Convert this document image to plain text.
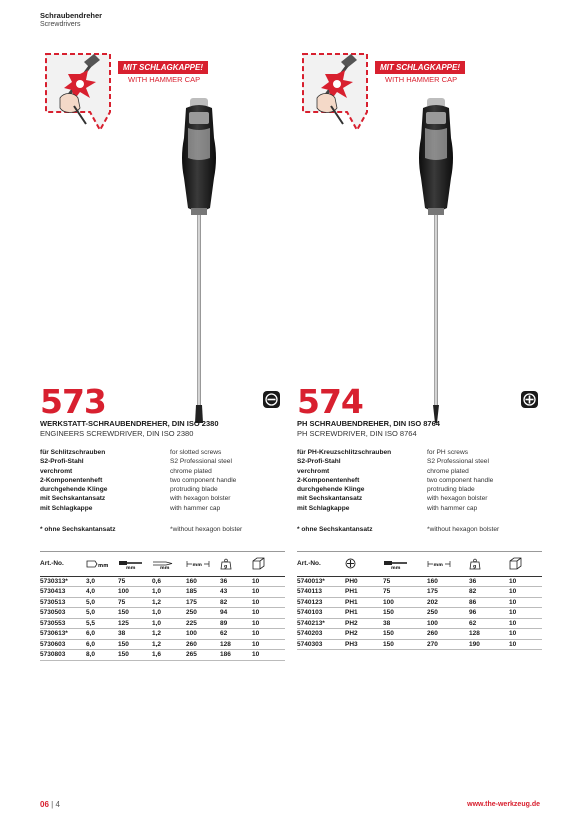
Schraubendreher
Screwdrivers
MIT SCHLAGKAPPE!
WITH HAMMER CAP
573
WERKSTATT-SCHRAUBENDREHER, DIN ISO 2380
ENGINEERS SCREWDRIVER, DIN ISO 2380
für Schlitzschrauben	for slotted screws
S2-Profi-Stahl	S2 Professional steel
verchromt	chrome plated
2-Komponentenheft	two component handle
durchgehende Klinge	protruding blade
mit Sechskantansatz	with hexagon bolster
mit Schlagkappe	with hammer cap
* ohne Sechskantansatz	*without hexagon bolster
Art.-No.	mm	mm	mm	mm	g

5730313*	3,0	75	0,6	160	36	10
5730413	4,0	100	1,0	185	43	10
5730513	5,0	75	1,2	175	82	10
5730503	5,0	150	1,0	250	94	10
5730553	5,5	125	1,0	225	89	10
5730613*	6,0	38	1,2	100	62	10
5730603	6,0	150	1,2	260	128	10
5730803	8,0	150	1,6	265	186	10
MIT SCHLAGKAPPE!
WITH HAMMER CAP
574
PH SCHRAUBENDREHER, DIN ISO 8764
PH SCREWDRIVER, DIN ISO 8764
für PH-Kreuzschlitzschrauben	for PH screws
S2-Profi-Stahl	S2 Professional steel
verchromt	chrome plated
2-Komponentenheft	two component handle
durchgehende Klinge	protruding blade
mit Sechskantansatz	with hexagon bolster
mit Schlagkappe	with hammer cap
* ohne Sechskantansatz	*without hexagon bolster
Art.-No.		mm	mm	g

5740013*	PH0	75	160	36	10
5740113	PH1	75	175	82	10
5740123	PH1	100	202	86	10
5740103	PH1	150	250	96	10
5740213*	PH2	38	100	62	10
5740203	PH2	150	260	128	10
5740303	PH3	150	270	190	10
06 | 4	www.the-werkzeug.de
